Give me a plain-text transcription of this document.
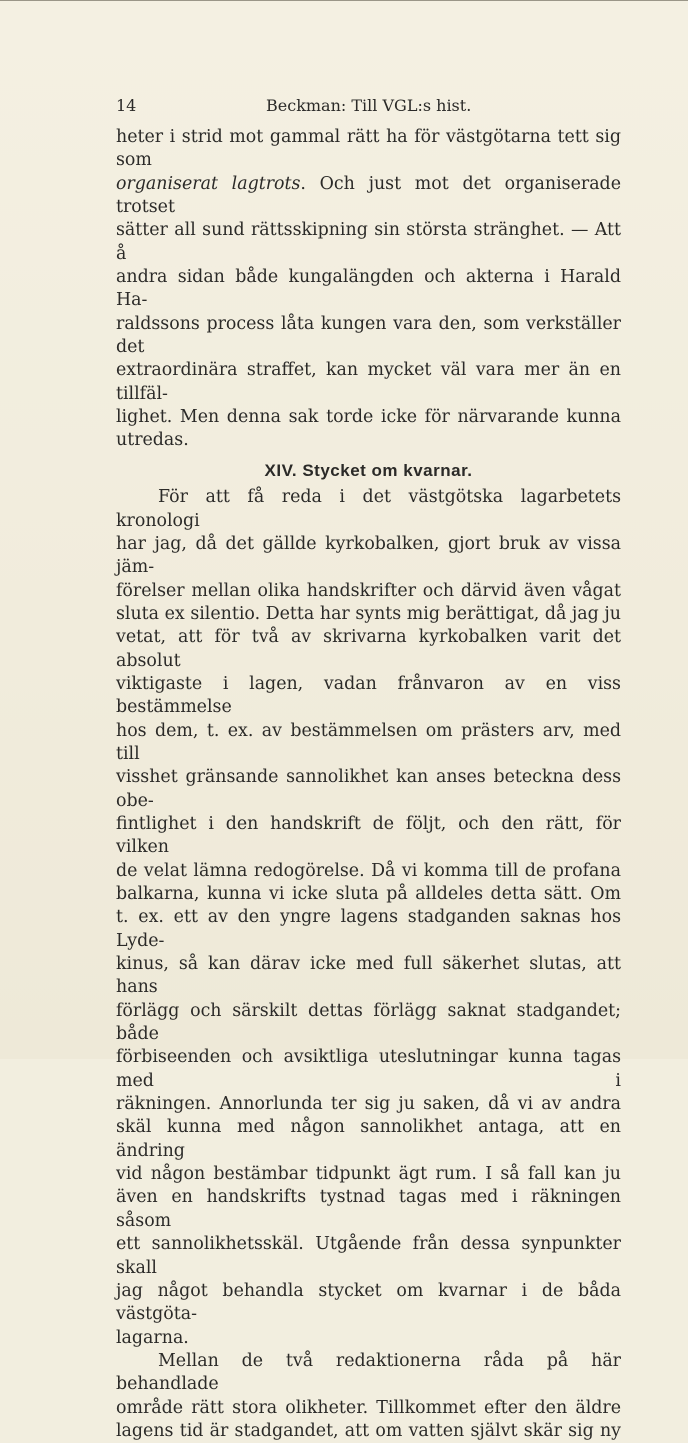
14	Beckman: Till VGL:s hist.

heter i strid mot gammal rätt ha för västgötarna tett sig som

organiserat lagtrots. Och just mot det organiserade trotset

sätter all sund rättsskipning sin största stränghet. — Att å

andra sidan både kungalängden och akterna i Harald Ha-

raldssons process låta kungen vara den, som verkställer det

extraordinära straffet, kan mycket väl vara mer än en tillfäl-

lighet. Men denna sak torde icke för närvarande kunna utredas.

XIV. Stycket om kvarnar.

För att få reda i det västgötska lagarbetets kronologi

har jag, då det gällde kyrkobalken, gjort bruk av vissa jäm-

förelser mellan olika handskrifter och därvid även vågat

sluta ex silentio. Detta har synts mig berättigat, då jag ju

vetat, att för två av skrivarna kyrkobalken varit det absolut

viktigaste i lagen, vadan frånvaron av en viss bestämmelse

hos dem, t. ex. av bestämmelsen om prästers arv, med till

visshet gränsande sannolikhet kan anses beteckna dess obe-

fintlighet i den handskrift de följt, och den rätt, för vilken

de velat lämna redogörelse. Då vi komma till de profana

balkarna, kunna vi icke sluta på alldeles detta sätt. Om

t. ex. ett av den yngre lagens stadganden saknas hos Lyde-

kinus, så kan därav icke med full säkerhet slutas, att hans

förlägg och särskilt dettas förlägg saknat stadgandet; både

förbiseenden och avsiktliga uteslutningar kunna tagas med i

räkningen. Annorlunda ter sig ju saken, då vi av andra

skäl kunna med någon sannolikhet antaga, att en ändring

vid någon bestämbar tidpunkt ägt rum. I så fall kan ju

även en handskrifts tystnad tagas med i räkningen såsom

ett sannolikhetsskäl. Utgående från dessa synpunkter skall

jag något behandla stycket om kvarnar i de båda västgöta-

lagarna.

Mellan de två redaktionerna råda på här behandlade

område rätt stora olikheter. Tillkommet efter den äldre

lagens tid är stadgandet, att om vatten självt skär sig ny
